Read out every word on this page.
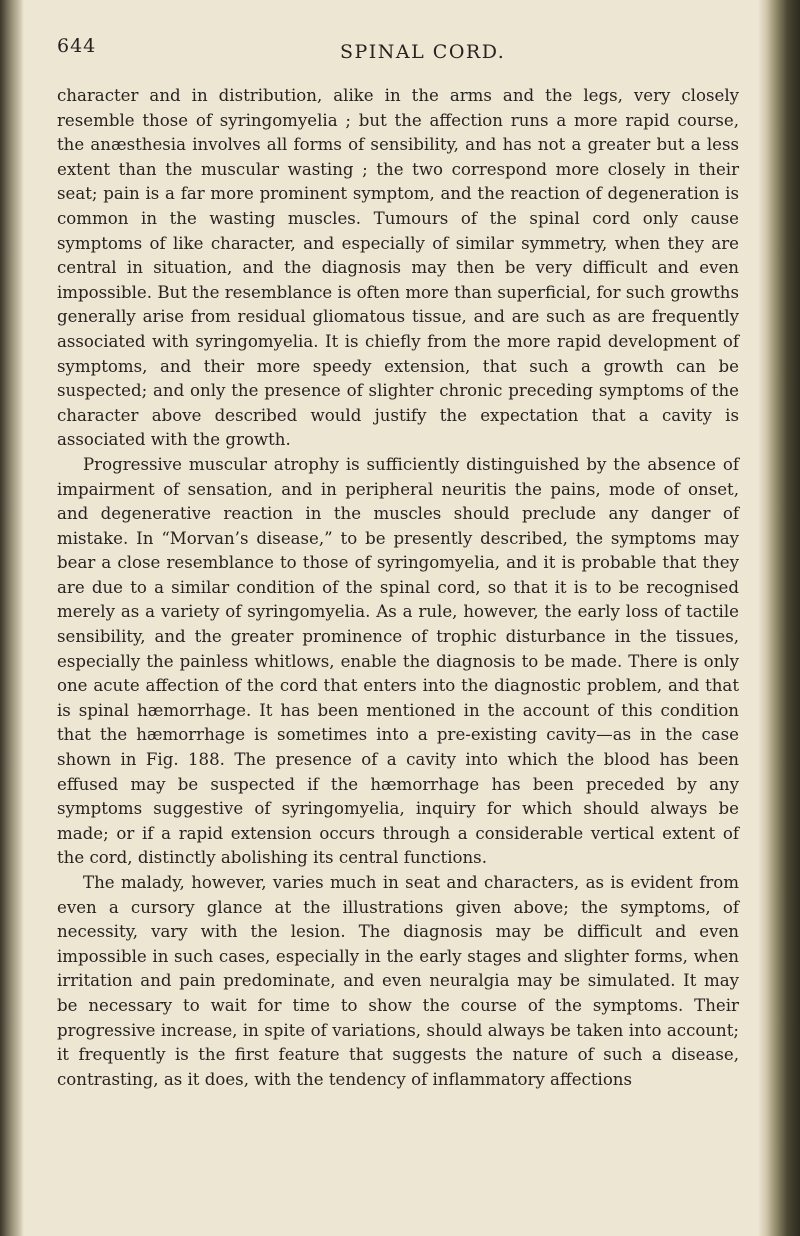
644	SPINAL CORD.

character and in distribution, alike in the arms and the legs, very closely resemble those of syringomyelia ; but the affection runs a more rapid course, the anæsthesia involves all forms of sensibility, and has not a greater but a less extent than the muscular wasting ; the two correspond more closely in their seat; pain is a far more prominent symptom, and the reaction of degeneration is common in the wasting muscles. Tumours of the spinal cord only cause symptoms of like character, and especially of similar symmetry, when they are central in situation, and the diagnosis may then be very difficult and even impossible. But the resemblance is often more than superficial, for such growths generally arise from residual gliomatous tissue, and are such as are frequently associated with syringomyelia. It is chiefly from the more rapid development of symptoms, and their more speedy extension, that such a growth can be suspected; and only the presence of slighter chronic preceding symptoms of the character above described would justify the expectation that a cavity is associated with the growth.

Progressive muscular atrophy is sufficiently distinguished by the absence of impairment of sensation, and in peripheral neuritis the pains, mode of onset, and degenerative reaction in the muscles should preclude any danger of mistake. In “Morvan’s disease,” to be presently described, the symptoms may bear a close resemblance to those of syringomyelia, and it is probable that they are due to a similar condition of the spinal cord, so that it is to be recognised merely as a variety of syringomyelia. As a rule, however, the early loss of tactile sensibility, and the greater prominence of trophic disturbance in the tissues, especially the painless whitlows, enable the diagnosis to be made. There is only one acute affection of the cord that enters into the diagnostic problem, and that is spinal hæmorrhage. It has been mentioned in the account of this condition that the hæmorrhage is sometimes into a pre-existing cavity—as in the case shown in Fig. 188. The presence of a cavity into which the blood has been effused may be suspected if the hæmorrhage has been preceded by any symptoms suggestive of syringomyelia, inquiry for which should always be made; or if a rapid extension occurs through a considerable vertical extent of the cord, distinctly abolishing its central functions.

The malady, however, varies much in seat and characters, as is evident from even a cursory glance at the illustrations given above; the symptoms, of necessity, vary with the lesion. The diagnosis may be difficult and even impossible in such cases, especially in the early stages and slighter forms, when irritation and pain predominate, and even neuralgia may be simulated. It may be necessary to wait for time to show the course of the symptoms. Their progressive increase, in spite of variations, should always be taken into account; it frequently is the first feature that suggests the nature of such a disease, contrasting, as it does, with the tendency of inflammatory affections
